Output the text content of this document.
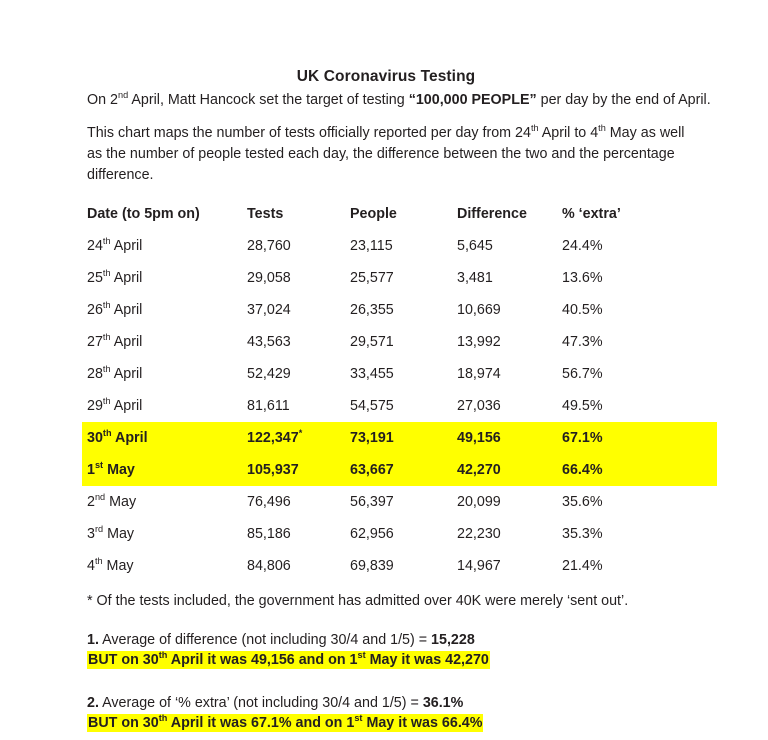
UK Coronavirus Testing

On 2nd April, Matt Hancock set the target of testing “100,000 PEOPLE” per day by the end of April.

This chart maps the number of tests officially reported per day from 24th April to 4th May as well as the number of people tested each day, the difference between the two and the percentage difference.

Date (to 5pm on)	Tests	People	Difference	% ‘extra’
24th April	28,760	23,115	5,645	24.4%
25th April	29,058	25,577	3,481	13.6%
26th April	37,024	26,355	10,669	40.5%
27th April	43,563	29,571	13,992	47.3%
28th April	52,429	33,455	18,974	56.7%
29th April	81,611	54,575	27,036	49.5%
30th April	122,347*	73,191	49,156	67.1%
1st May	105,937	63,667	42,270	66.4%
2nd May	76,496	56,397	20,099	35.6%
3rd May	85,186	62,956	22,230	35.3%
4th May	84,806	69,839	14,967	21.4%

* Of the tests included, the government has admitted over 40K were merely ‘sent out’.

1. Average of difference (not including 30/4 and 1/5) = 15,228
BUT on 30th April it was 49,156 and on 1st May it was 42,270

2. Average of ‘% extra’ (not including 30/4 and 1/5) = 36.1%
BUT on 30th April it was 67.1% and on 1st May it was 66.4%
